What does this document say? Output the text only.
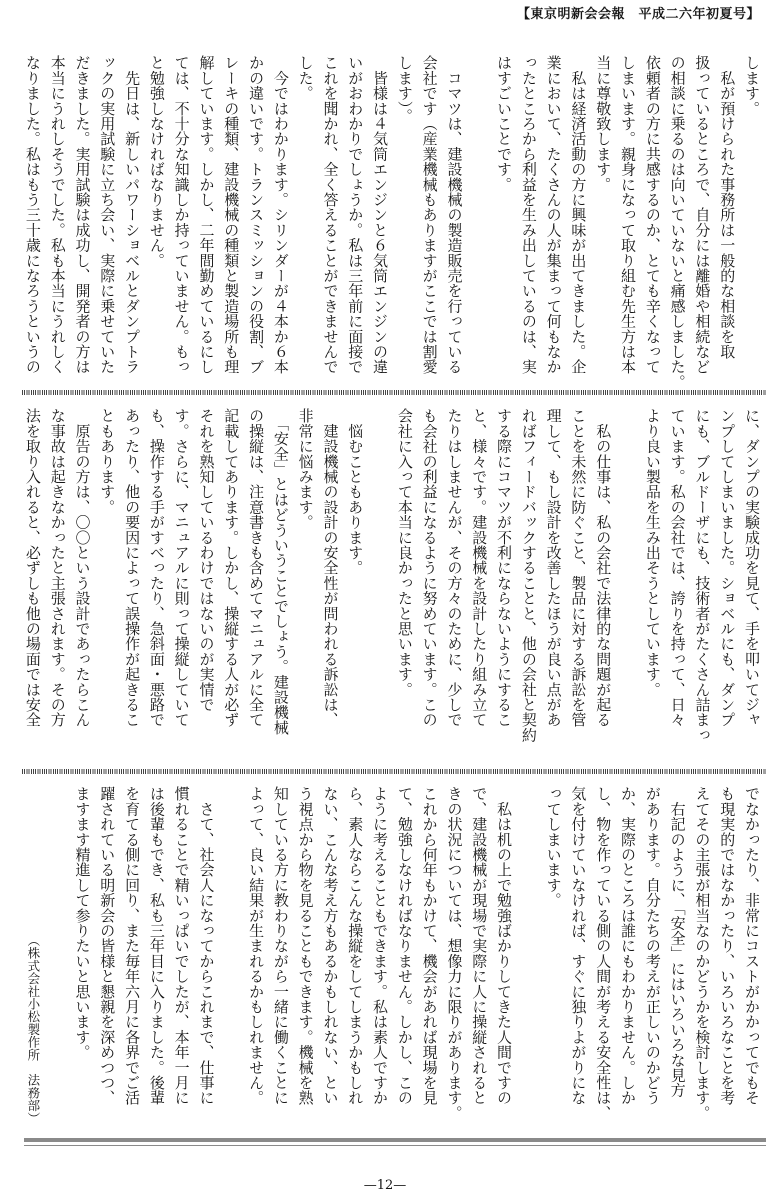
【東京明新会会報　平成二六年初夏号】
します。
　私が預けられた事務所は一般的な相談を取
扱っているところで、自分には離婚や相続など
の相談に乗るのは向いていないと痛感しました。
依頼者の方に共感するのか、とても辛くなって
しまいます。親身になって取り組む先生方は本
当に尊敬致します。
　私は経済活動の方に興味が出てきました。企
業において、たくさんの人が集まって何もなか
ったところから利益を生み出しているのは、実
はすごいことです。
　コマツは、建設機械の製造販売を行っている
会社です（産業機械もありますがここでは割愛
します）。
　皆様は４気筒エンジンと６気筒エンジンの違
いがおわかりでしょうか。私は三年前に面接で
これを聞かれ、全く答えることができませんで
した。
　今ではわかります。シリンダーが４本か６本
かの違いです。トランスミッションの役割、ブ
レーキの種類、建設機械の種類と製造場所も理
解しています。しかし、二年間勤めているにし
ては、不十分な知識しか持っていません。もっ
と勉強しなければなりません。
　先日は、新しいパワーショベルとダンプトラ
ックの実用試験に立ち会い、実際に乗せていた
だきました。実用試験は成功し、開発者の方は
本当にうれしそうでした。私も本当にうれしく
なりました。私はもう三十歳になろうというの
に、ダンプの実験成功を見て、手を叩いてジャ
ンプしてしまいました。ショベルにも、ダンプ
にも、ブルドーザにも、技術者がたくさん詰まっ
ています。私の会社では、誇りを持って、日々
より良い製品を生み出そうとしています。
　私の仕事は、私の会社で法律的な問題が起る
ことを未然に防ぐこと、製品に対する訴訟を管
理して、もし設計を改善したほうが良い点があ
ればフィードバックすることと、他の会社と契約
する際にコマツが不利にならないようにするこ
と、様々です。建設機械を設計したり組み立て
たりはしませんが、その方々のために、少しで
も会社の利益になるように努めています。この
会社に入って本当に良かったと思います。
　悩むこともあります。
　建設機械の設計の安全性が問われる訴訟は、
非常に悩みます。
　「安全」とはどういうことでしょう。建設機械
の操縦は、注意書きも含めてマニュアルに全て
記載してあります。しかし、操縦する人が必ず
それを熟知しているわけではないのが実情で
す。さらに、マニュアルに則って操縦していて
も、操作する手がすべったり、急斜面・悪路で
あったり、他の要因によって誤操作が起きるこ
ともあります。
　原告の方は、〇〇という設計であったらこん
な事故は起きなかったと主張されます。その方
法を取り入れると、必ずしも他の場面では安全
でなかったり、非常にコストがかかってでもそ
も現実的ではなかったり、いろいろなことを考
えてその主張が相当なのかどうかを検討します。
　右記のように、「安全」にはいろいろな見方
があります。自分たちの考えが正しいのかどう
か、実際のところは誰にもわかりません。しか
し、物を作っている側の人間が考える安全性は、
気を付けていなければ、すぐに独りよがりにな
ってしまいます。
　私は机の上で勉強ばかりしてきた人間ですの
で、建設機械が現場で実際に人に操縦されると
きの状況については、想像力に限りがあります。
これから何年もかけて、機会があれば現場を見
て、勉強しなければなりません。しかし、この
ように考えることもできます。私は素人ですか
ら、素人ならこんな操縦をしてしまうかもしれ
ない、こんな考え方もあるかもしれない、とい
う視点から物を見ることもできます。機械を熟
知している方に教わりながら一緒に働くことに
よって、良い結果が生まれるかもしれません。
　さて、社会人になってからこれまで、仕事に
慣れることで精いっぱいでしたが、本年一月に
は後輩もでき、私も三年目に入りました。後輩
を育てる側に回り、また毎年六月に各界でご活
躍されている明新会の皆様と懇親を深めつつ、
ますます精進して参りたいと思います。
（株式会社小松製作所　法務部）
—12—
